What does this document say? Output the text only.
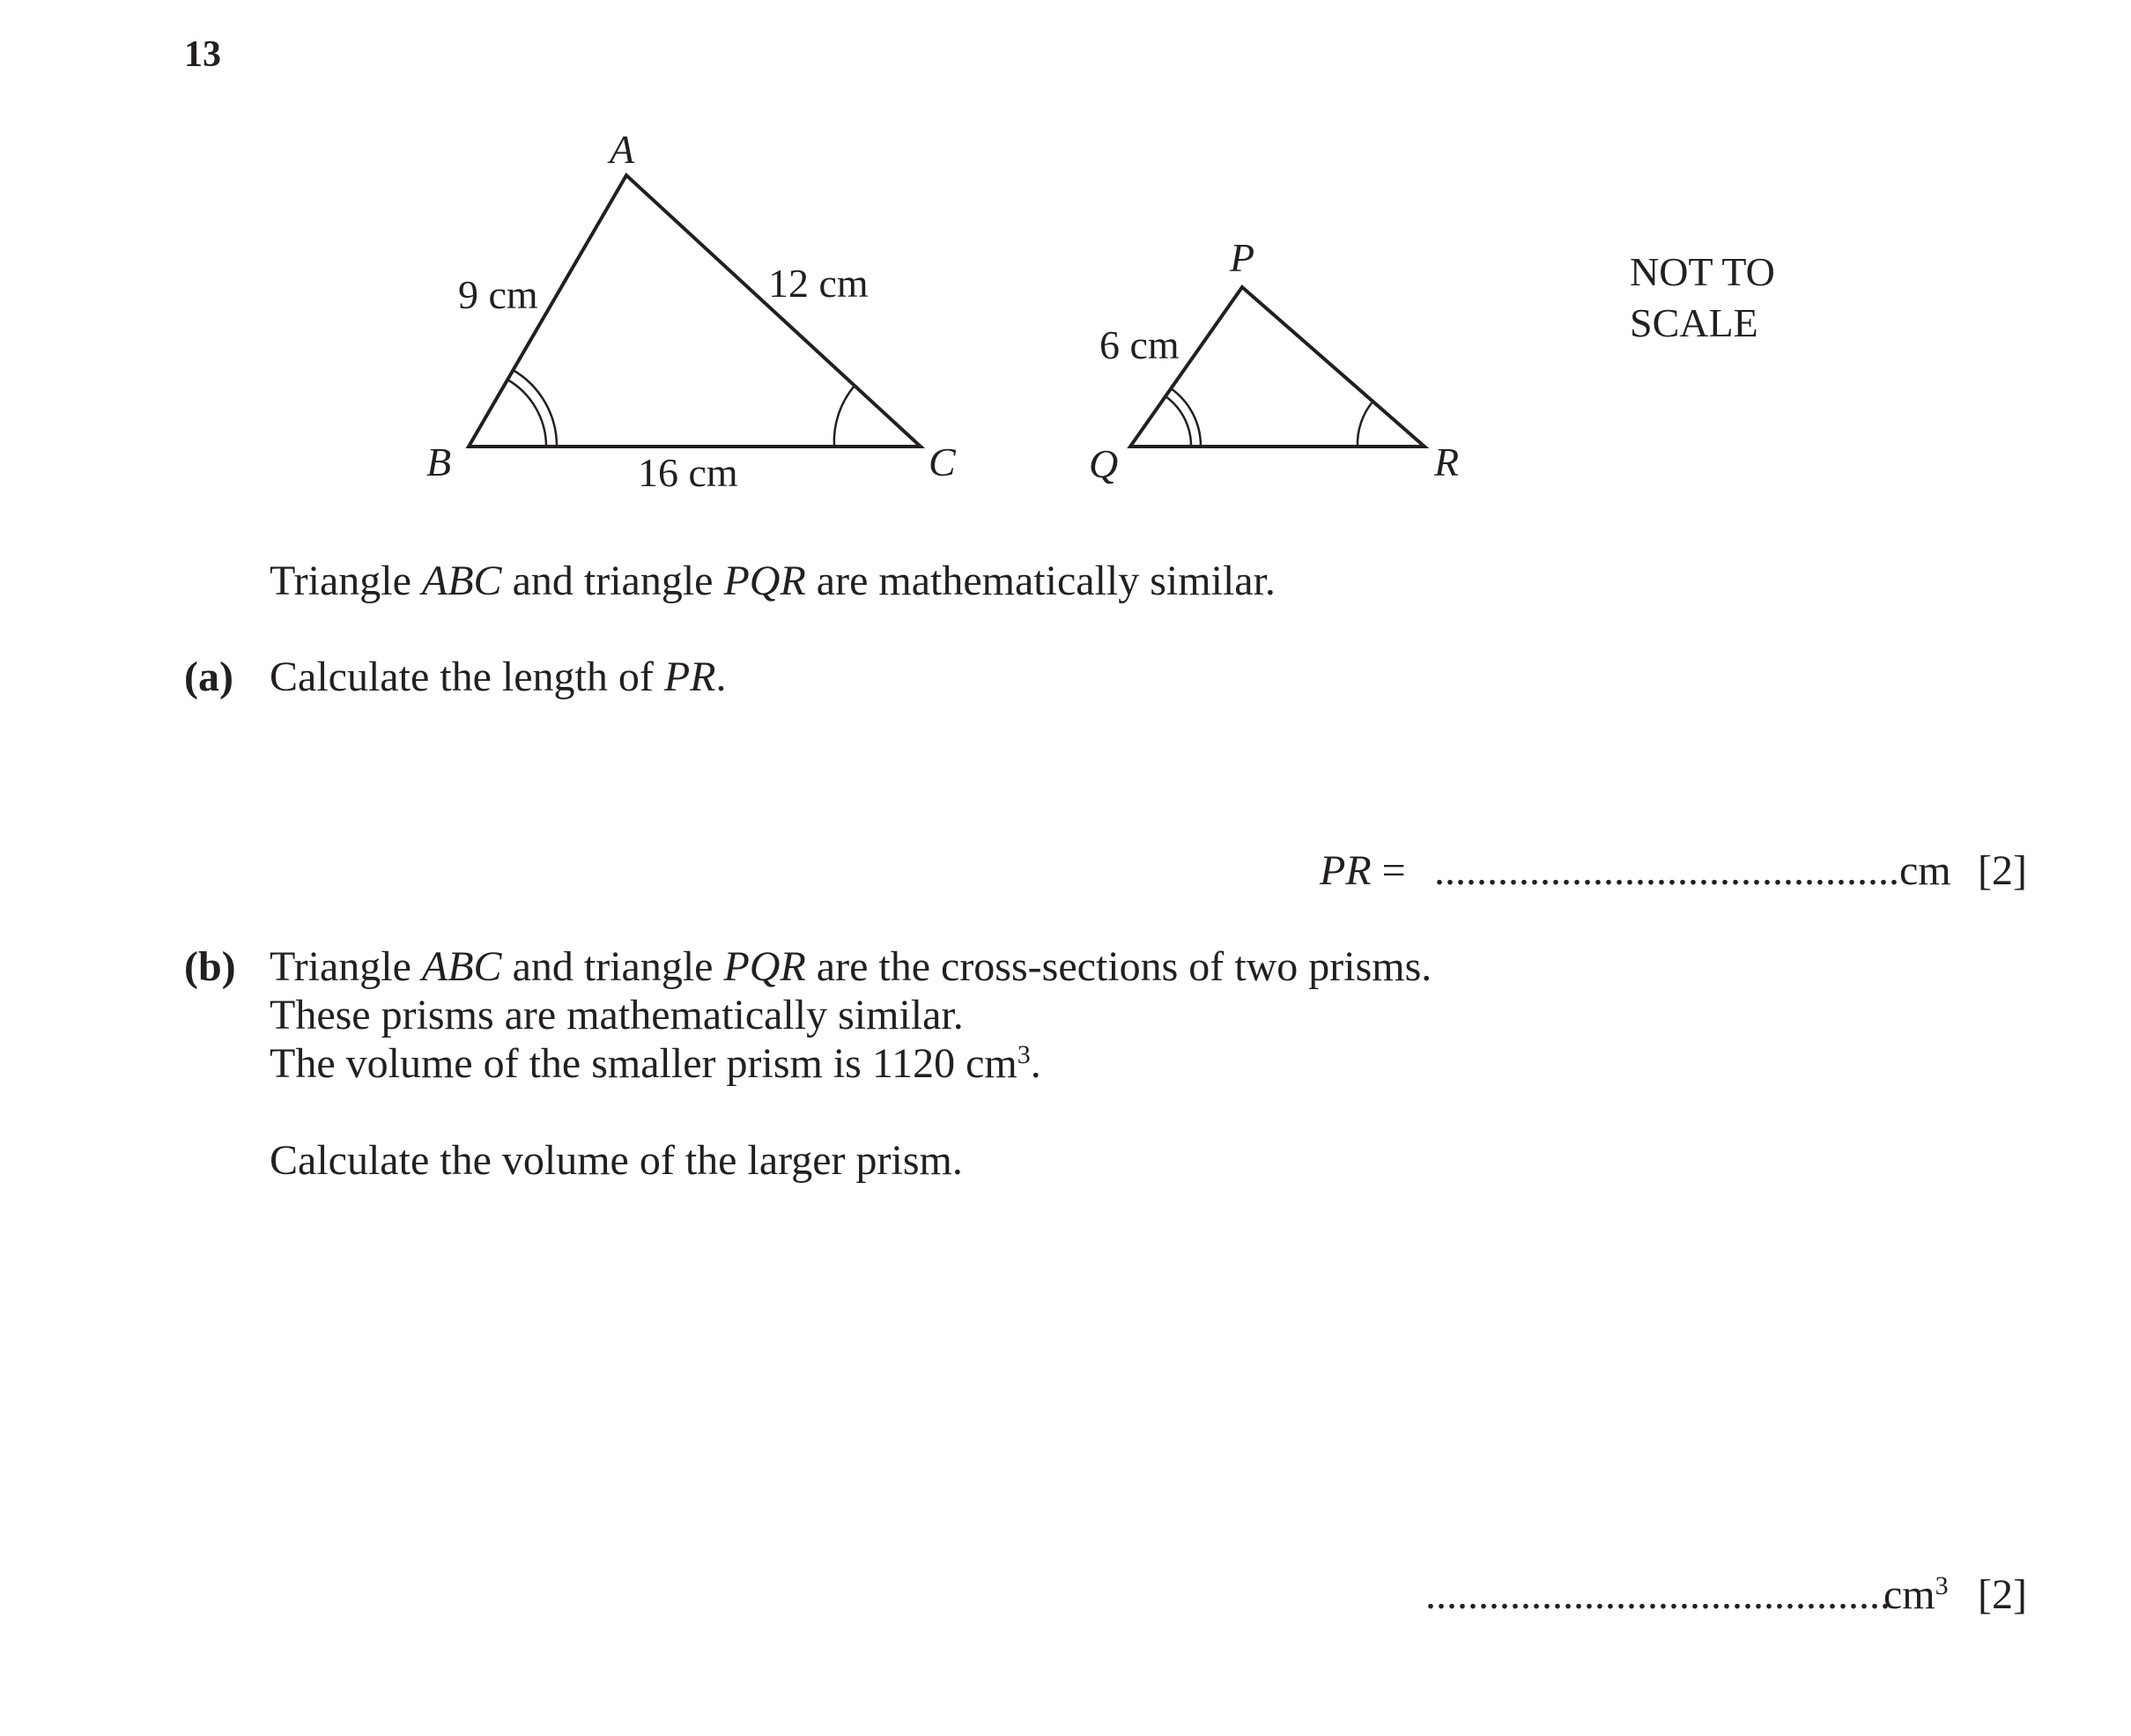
13
A
B	C
9 cm	12 cm
16 cm
P
Q	R
6 cm
NOT TO
SCALE
Triangle ABC and triangle PQR are mathematically similar.
(a) Calculate the length of PR.
PR = ............................................cm [2]
(b) Triangle ABC and triangle PQR are the cross-sections of two prisms.
These prisms are mathematically similar.
The volume of the smaller prism is 1120 $cm^3$.
Calculate the volume of the larger prism.
............................................
$cm^3$ [2]
